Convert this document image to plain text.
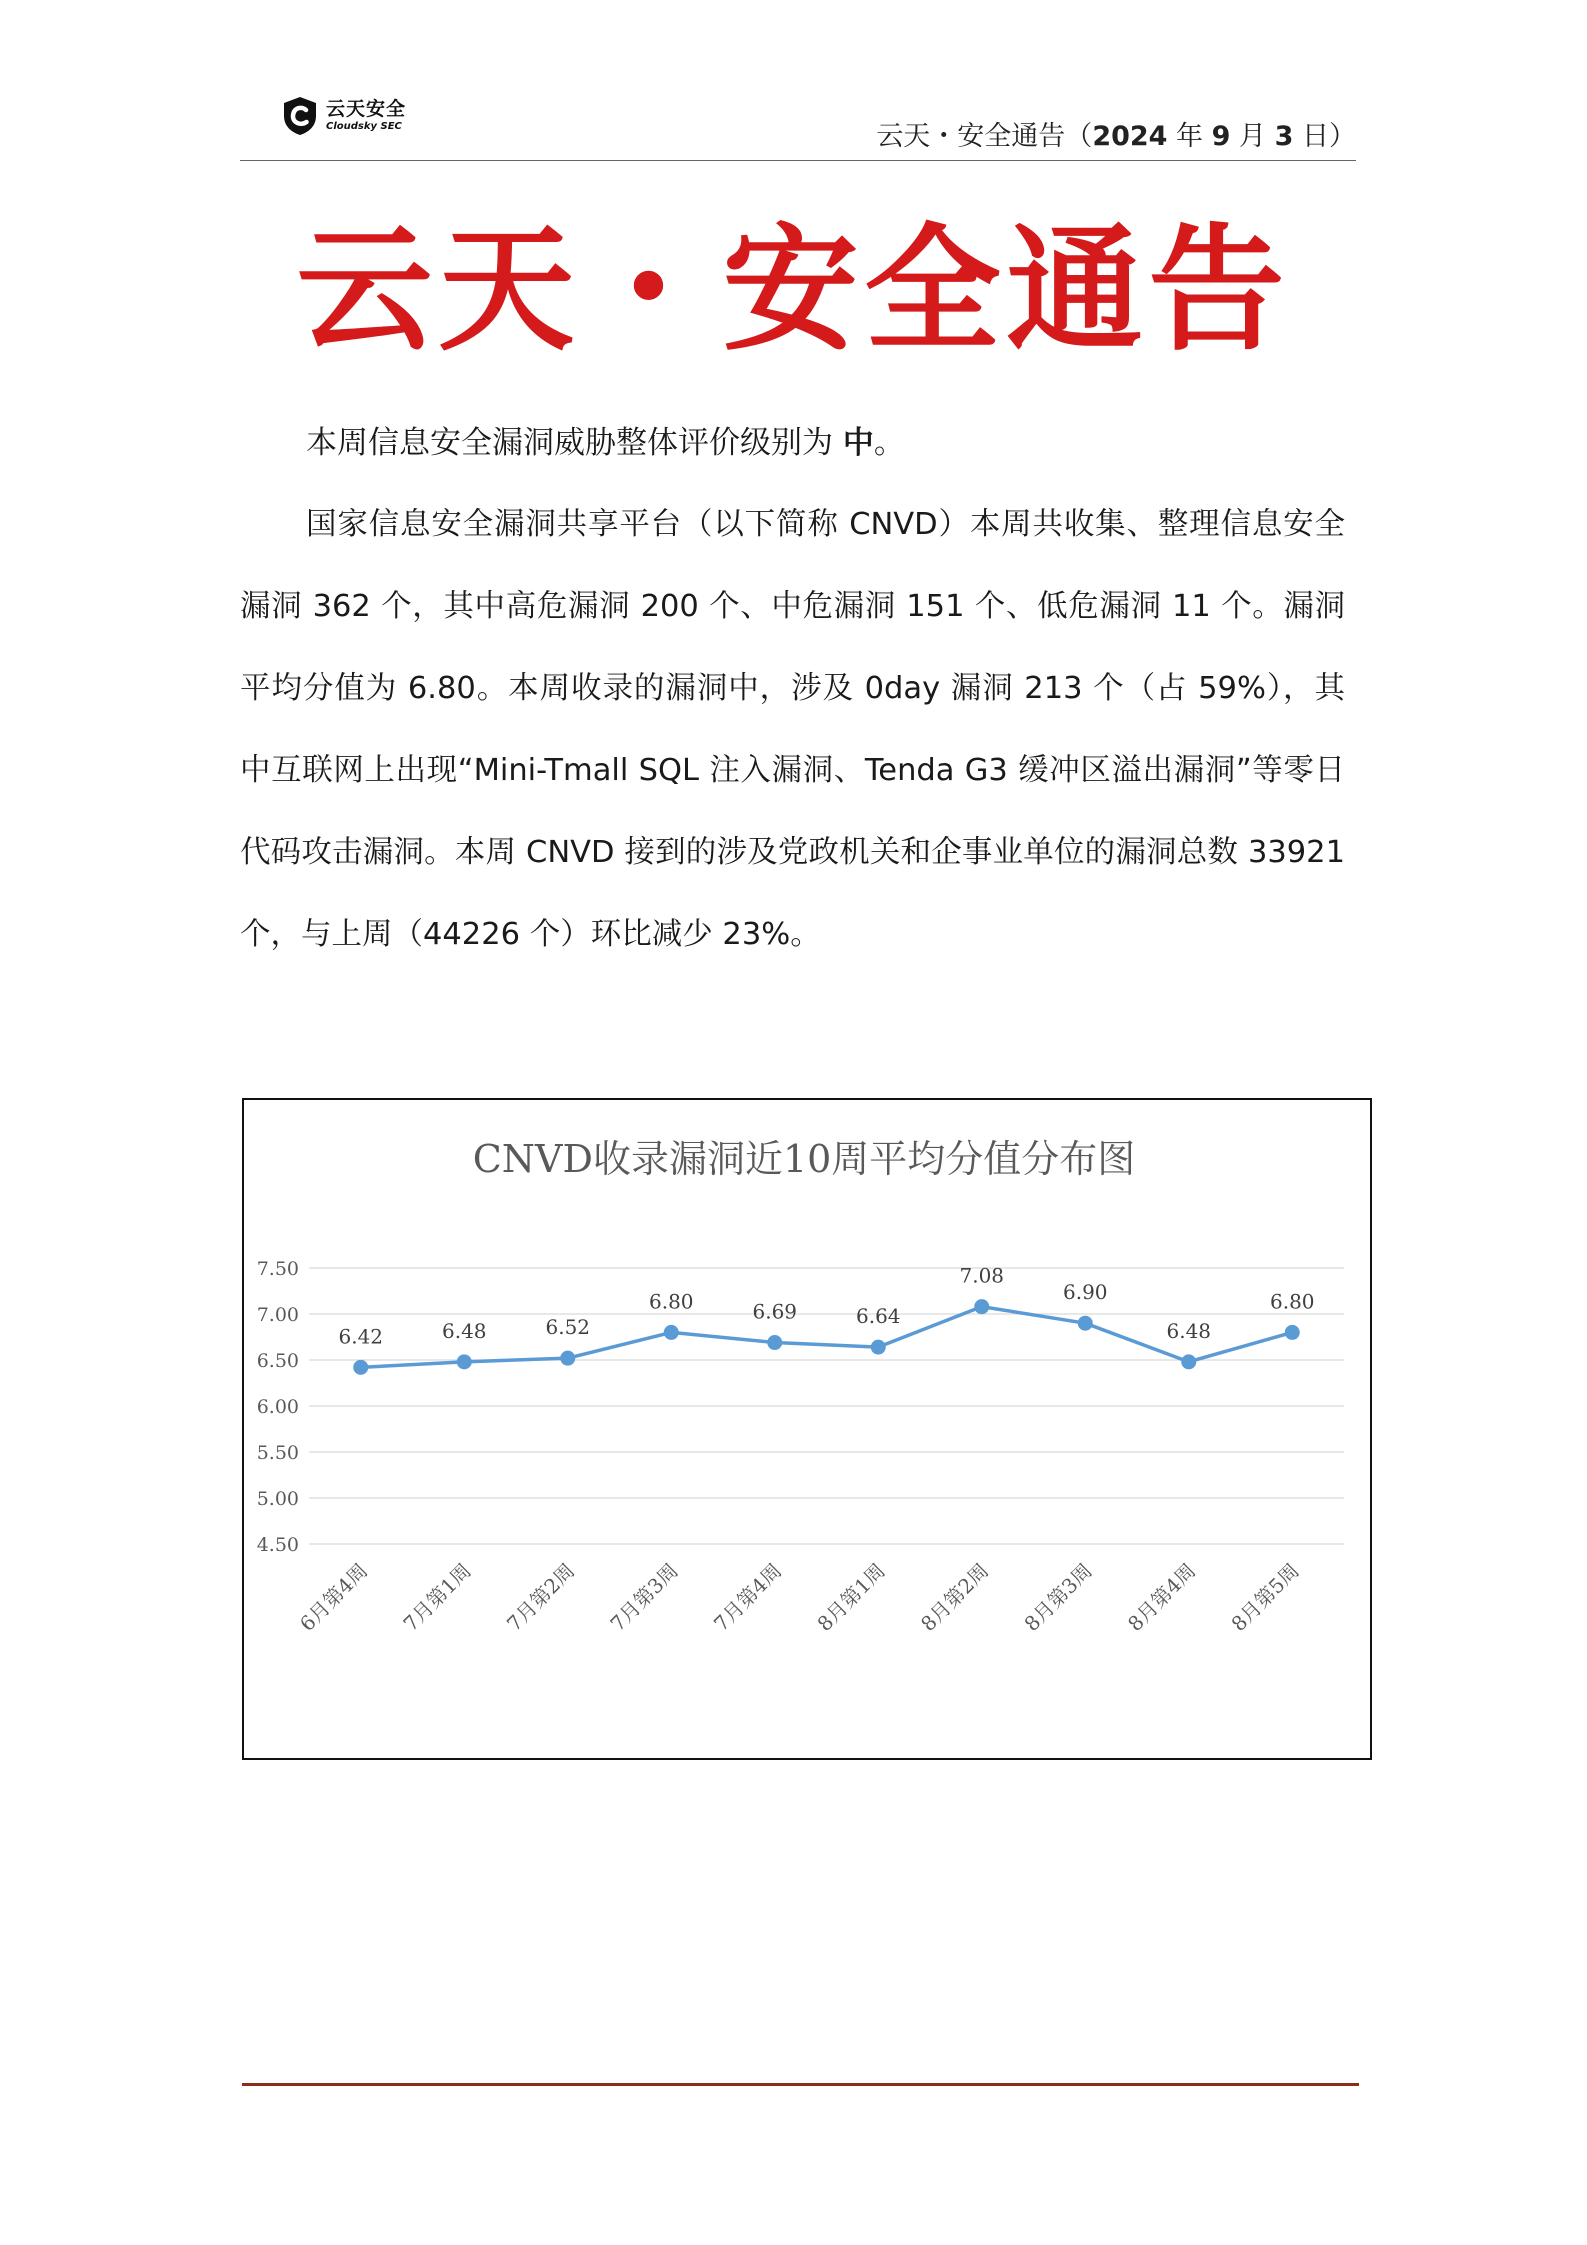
云天安全
Cloudsky SEC	云天・安全通告（2024 年 9 月 3 日）
云天・安全通告
本周信息安全漏洞威胁整体评价级别为 中。
国家信息安全漏洞共享平台（以下简称 CNVD）本周共收集、整理信息安全漏洞 362 个，其中高危漏洞 200 个、中危漏洞 151 个、低危漏洞 11 个。漏洞平均分值为 6.80。本周收录的漏洞中，涉及 0day 漏洞 213 个（占 59%），其中互联网上出现“Mini-Tmall SQL 注入漏洞、Tenda G3 缓冲区溢出漏洞”等零日代码攻击漏洞。本周 CNVD 接到的涉及党政机关和企事业单位的漏洞总数 33921 个，与上周（44226 个）环比减少 23%。
CNVD收录漏洞近10周平均分值分布图
7.50
7.00
6.50
6.00
5.50
5.00
4.50
6.42	6.48	6.52
6.80	6.69	6.64
7.08
6.90
6.48
6.80
6月第4周 7月第1周 7月第2周 7月第3周 7月第4周 8月第1周 8月第2周 8月第3周 8月第4周 8月第5周
